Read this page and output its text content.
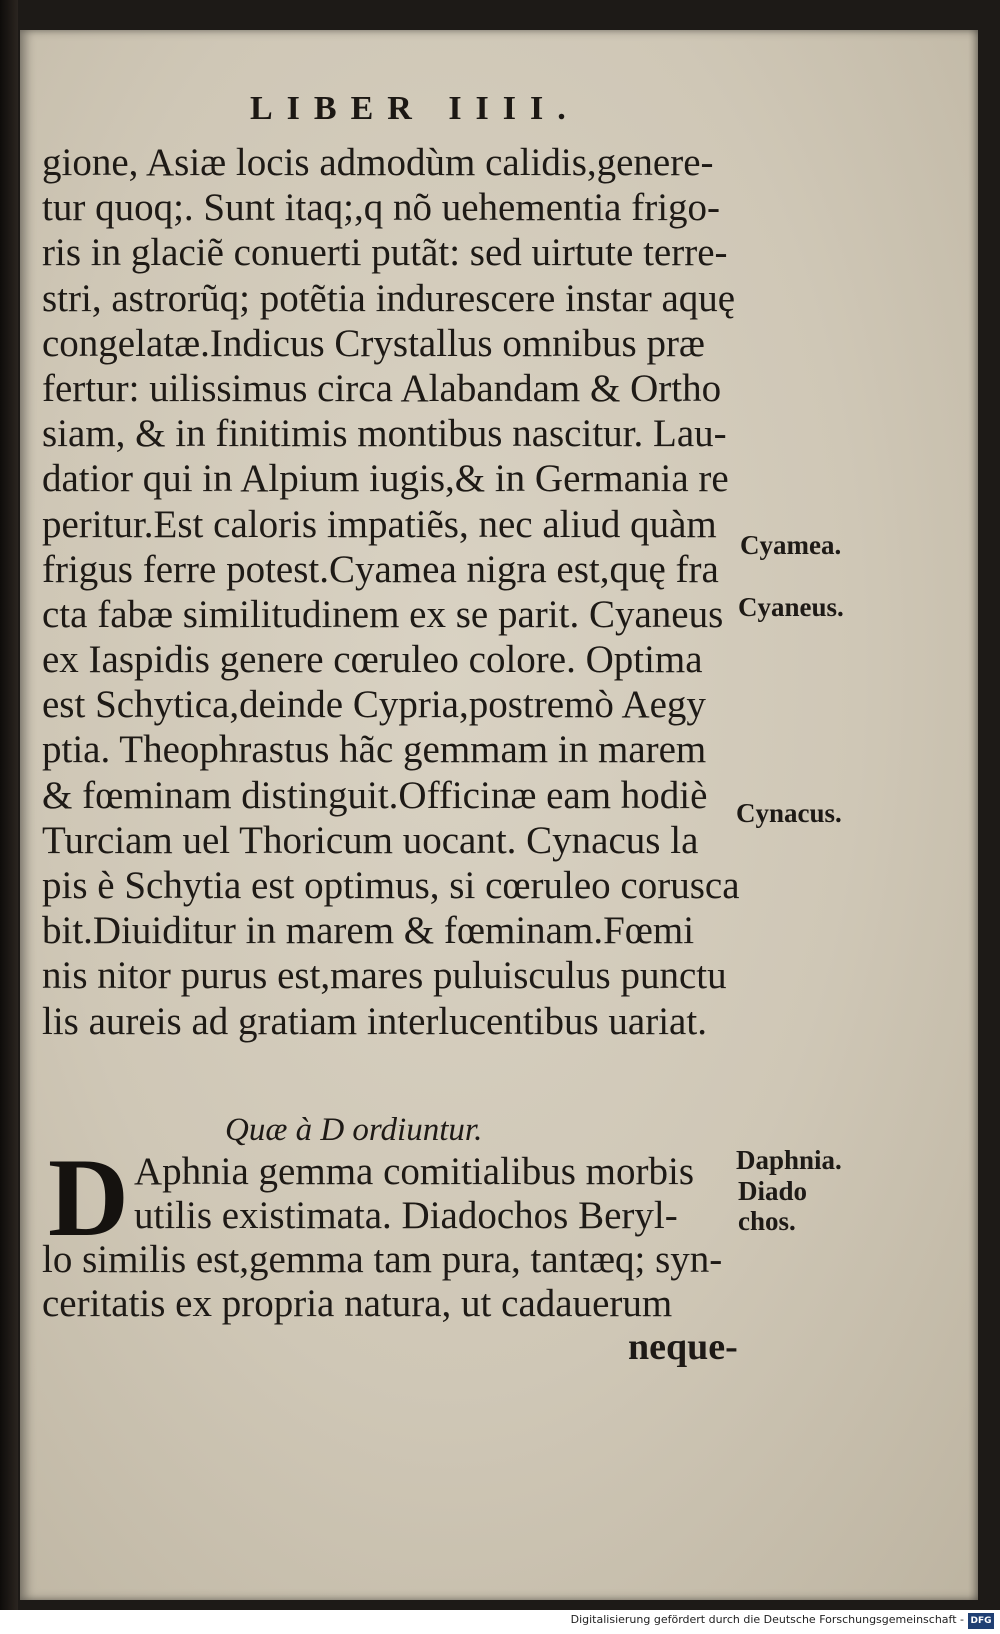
LIBER IIII.
gione, Asiæ locis admodùm calidis,genere-
tur quoq;. Sunt itaq;,q nõ uehementia frigo-
ris in glaciẽ conuerti putãt: sed uirtute terre-
stri, astrorũq; potẽtia indurescere instar aquę
congelatæ.Indicus Crystallus omnibus præ
fertur: uilissimus circa Alabandam & Ortho
siam, & in finitimis montibus nascitur. Lau-
datior qui in Alpium iugis,& in Germania re
peritur.Est caloris impatiẽs, nec aliud quàm
frigus ferre potest.Cyamea nigra est,quę fra
cta fabæ similitudinem ex se parit. Cyaneus
ex Iaspidis genere cœruleo colore. Optima
est Schytica,deinde Cypria,postremò Aegy
ptia. Theophrastus hãc gemmam in marem
& fœminam distinguit.Officinæ eam hodiè
Turciam uel Thoricum uocant. Cynacus la
pis è Schytia est optimus, si cœruleo corusca
bit.Diuiditur in marem & fœminam.Fœmi
nis nitor purus est,mares puluisculus punctu
lis aureis ad gratiam interlucentibus uariat.
Quæ à D ordiuntur.
D Aphnia gemma comitialibus morbis
utilis existimata. Diadochos Beryl-
lo similis est,gemma tam pura, tantæq; syn-
ceritatis ex propria natura, ut cadauerum
neque-
Cyamea.
Cyaneus.
Cynacus.
Daphnia.
Diado
chos.
Digitalisierung gefördert durch die Deutsche Forschungsgemeinschaft - DFG
